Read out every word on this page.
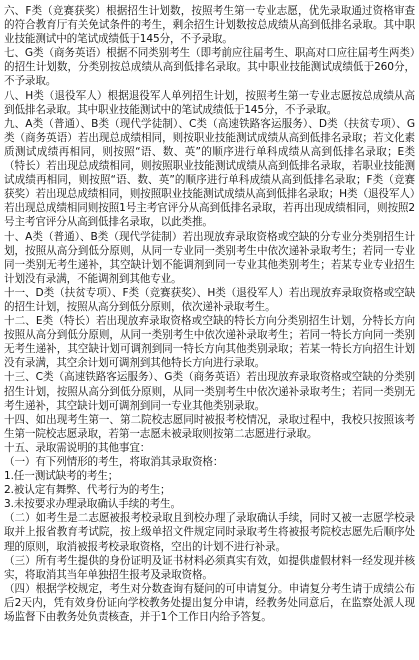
六、F类（竞赛获奖）根据招生计划数，按照考生第一专业志愿，优先录取通过资格审查的符合教育厅有关免试条件的考生，剩余招生计划数按总成绩从高到低排名录取。其中职业技能测试中的笔试成绩低于145分，不予录取。

七、G类（商务英语）根据不同类别考生（即考前应往届考生、职高对口应往届考生两类）的招生计划数，分类别按总成绩从高到低排名录取。其中职业技能测试成绩低于260分，不予录取。

八、H类（退役军人）根据退役军人单列招生计划，按照考生第一专业志愿按总成绩从高到低排名录取。其中职业技能测试中的笔试成绩低于145分，不予录取。

九、A类（普通）、B类（现代学徒制）、C类（高速铁路客运服务）、D类（扶贫专项）、G类（商务英语）若出现总成绩相同，则按职业技能测试成绩从高到低排名录取；若文化素质测试成绩再相同，则按照“语、数、英”的顺序进行单科成绩从高到低排名录取；E类（特长）若出现总成绩相同，则按照职业技能测试成绩从高到低排名录取，若职业技能测试成绩再相同，则按照“语、数、英”的顺序进行单科成绩从高到低排名录取；F类（竞赛获奖）若出现总成绩相同，则按照职业技能测试成绩从高到低排名录取；H类（退役军人）若出现总成绩相同则按照1号主考官评分从高到低排名录取，若再出现成绩相同，则按照2号主考官评分从高到低排名录取，以此类推。

十、A类（普通）、B类（现代学徒制）若出现放弃录取资格或空缺的分专业分类别招生计划，按照从高分到低分原则，从同一专业同一类别考生中依次递补录取考生；若同一专业同一类别无考生递补，其空缺计划不能调剂到同一专业其他类别考生；若某专业专业招生计划没有录满，不能调剂到其他专业。

十一、D类（扶贫专项）、F类（竞赛获奖）、H类（退役军人）若出现放弃录取资格或空缺的招生计划，按照从高分到低分原则，依次递补录取考生。

十二、E类（特长）若出现放弃录取资格或空缺的特长方向分类别招生计划，分特长方向按照从高分到低分原则，从同一类别考生中依次递补录取考生；若同一特长方向同一类别无考生递补，其空缺计划可调剂到同一特长方向其他类别录取；若某一特长方向招生计划没有录满，其空余计划可调剂到其他特长方向进行录取。

十三、C类（高速铁路客运服务）、G类（商务英语）若出现放弃录取资格或空缺的分类别招生计划，按照从高分到低分原则，从同一类别考生中依次递补录取考生；若同一类别无考生递补，其空缺计划可调剂到同一专业其他类别录取。

十四、如出现考生第一、第二院校志愿同时被报考校情况，录取过程中，我校只按照该考生第一院校志愿录取，若第一志愿未被录取则按第二志愿进行录取。

十五、录取需说明的其他事宜：

（一）有下列情形的考生，将取消其录取资格：

1.任一测试缺考的考生；

2.被认定有舞弊、代考行为的考生；

3.未按要求办理录取确认手续的考生。

（二）如考生是二志愿被报考校录取且到校办理了录取确认手续，同时又被一志愿学校录取并上报省教育考试院，按上级单招文件规定同时录取考生将被报考院校志愿先后顺序处理的原则，取消被报考校录取资格，空出的计划不进行补录。

（三）所有考生提供的身份证明及证书材料必须真实有效，如提供虚假材料一经发现并核实，将取消其当年单独招生报考及录取资格。

（四）根据学校规定，考生对分数查询有疑问的可申请复分。申请复分考生请于成绩公布后2天内，凭有效身份证向学校教务处提出复分申请，经教务处同意后，在监察处派人现场监督下由教务处负责核查，并于1个工作日内给予答复。
